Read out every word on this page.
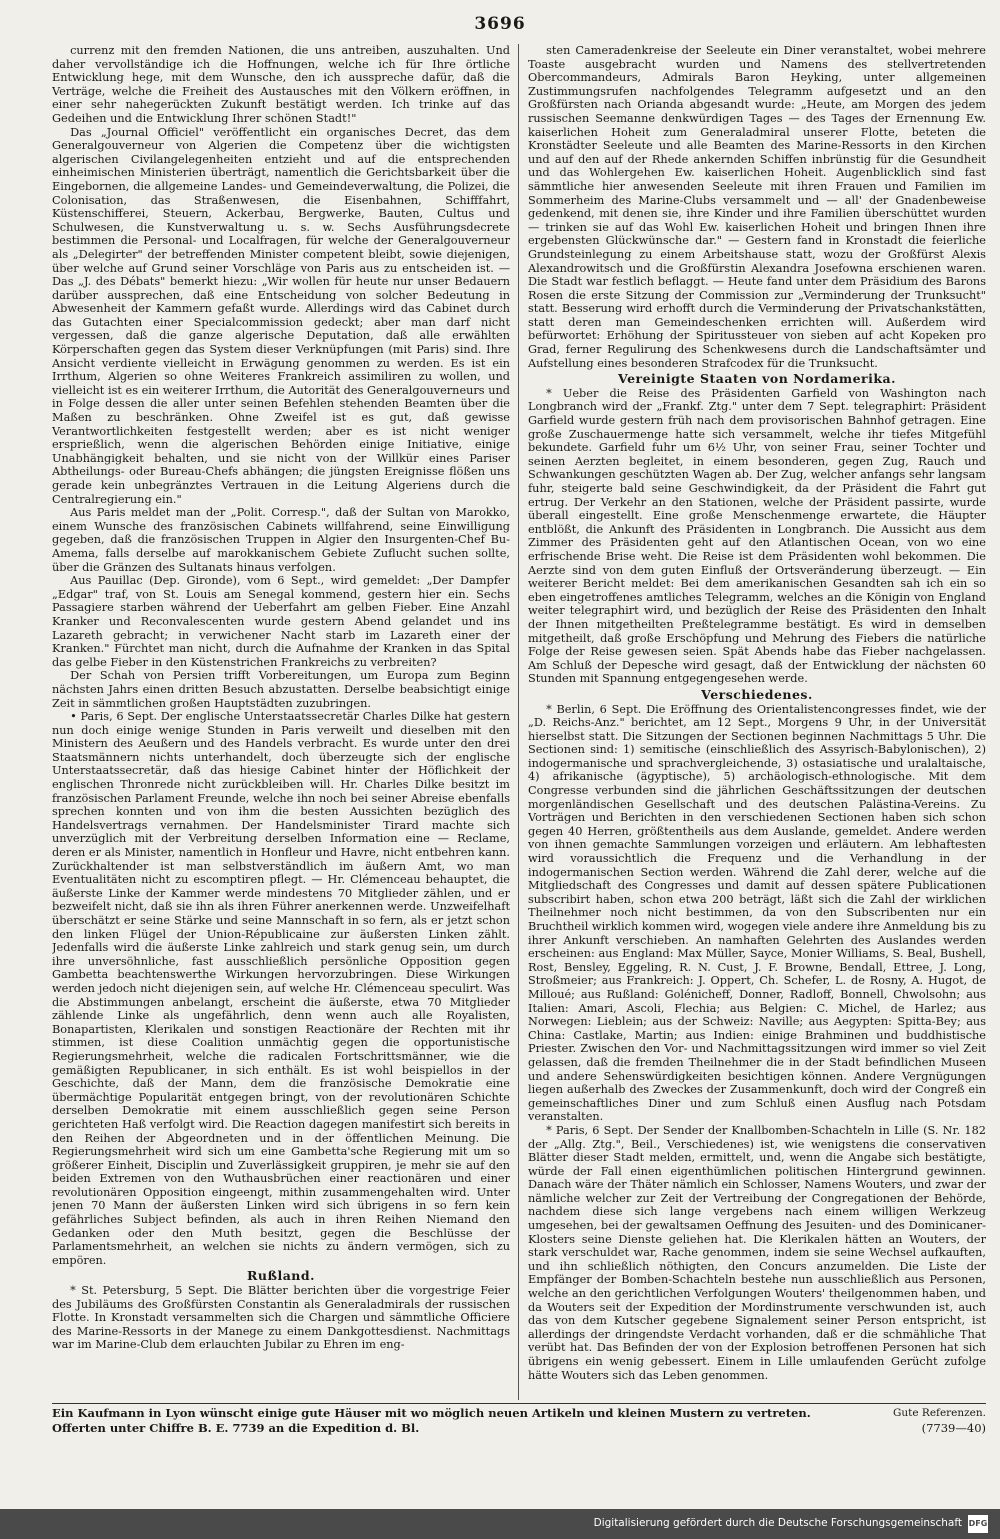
3696

currenz mit den fremden Nationen, die uns antreiben, auszuhalten. Und daher vervollständige ich die Hoffnungen, welche ich für Ihre örtliche Entwicklung hege, mit dem Wunsche, den ich ausspreche dafür, daß die Verträge, welche die Freiheit des Austausches mit den Völkern eröffnen, in einer sehr nahegerückten Zukunft bestätigt werden. Ich trinke auf das Gedeihen und die Entwicklung Ihrer schönen Stadt!"

Das „Journal Officiel" veröffentlicht ein organisches Decret, das dem Generalgouverneur von Algerien die Competenz über die wichtigsten algerischen Civilangelegenheiten entzieht und auf die entsprechenden einheimischen Ministerien überträgt, namentlich die Gerichtsbarkeit über die Eingebornen, die allgemeine Landes- und Gemeindeverwaltung, die Polizei, die Colonisation, das Straßenwesen, die Eisenbahnen, Schifffahrt, Küstenschifferei, Steuern, Ackerbau, Bergwerke, Bauten, Cultus und Schulwesen, die Kunstverwaltung u. s. w. Sechs Ausführungsdecrete bestimmen die Personal- und Localfragen, für welche der Generalgouverneur als „Delegirter" der betreffenden Minister competent bleibt, sowie diejenigen, über welche auf Grund seiner Vorschläge von Paris aus zu entscheiden ist. — Das „J. des Débats" bemerkt hiezu: „Wir wollen für heute nur unser Bedauern darüber aussprechen, daß eine Entscheidung von solcher Bedeutung in Abwesenheit der Kammern gefaßt wurde. Allerdings wird das Cabinet durch das Gutachten einer Specialcommission gedeckt; aber man darf nicht vergessen, daß die ganze algerische Deputation, daß alle erwählten Körperschaften gegen das System dieser Verknüpfungen (mit Paris) sind. Ihre Ansicht verdiente vielleicht in Erwägung genommen zu werden. Es ist ein Irrthum, Algerien so ohne Weiteres Frankreich assimiliren zu wollen, und vielleicht ist es ein weiterer Irrthum, die Autorität des Generalgouverneurs und in Folge dessen die aller unter seinen Befehlen stehenden Beamten über die Maßen zu beschränken. Ohne Zweifel ist es gut, daß gewisse Verantwortlichkeiten festgestellt werden; aber es ist nicht weniger ersprießlich, wenn die algerischen Behörden einige Initiative, einige Unabhängigkeit behalten, und sie nicht von der Willkür eines Pariser Abtheilungs- oder Bureau-Chefs abhängen; die jüngsten Ereignisse flößen uns gerade kein unbegränztes Vertrauen in die Leitung Algeriens durch die Centralregierung ein."

Aus Paris meldet man der „Polit. Corresp.", daß der Sultan von Marokko, einem Wunsche des französischen Cabinets willfahrend, seine Einwilligung gegeben, daß die französischen Truppen in Algier den Insurgenten-Chef Bu-Amema, falls derselbe auf marokkanischem Gebiete Zuflucht suchen sollte, über die Gränzen des Sultanats hinaus verfolgen.

Aus Pauillac (Dep. Gironde), vom 6 Sept., wird gemeldet: „Der Dampfer „Edgar" traf, von St. Louis am Senegal kommend, gestern hier ein. Sechs Passagiere starben während der Ueberfahrt am gelben Fieber. Eine Anzahl Kranker und Reconvalescenten wurde gestern Abend gelandet und ins Lazareth gebracht; in verwichener Nacht starb im Lazareth einer der Kranken." Fürchtet man nicht, durch die Aufnahme der Kranken in das Spital das gelbe Fieber in den Küstenstrichen Frankreichs zu verbreiten?

Der Schah von Persien trifft Vorbereitungen, um Europa zum Beginn nächsten Jahrs einen dritten Besuch abzustatten. Derselbe beabsichtigt einige Zeit in sämmtlichen großen Hauptstädten zuzubringen.

• Paris, 6 Sept. Der englische Unterstaatssecretär Charles Dilke hat gestern nun doch einige wenige Stunden in Paris verweilt und dieselben mit den Ministern des Aeußern und des Handels verbracht. Es wurde unter den drei Staatsmännern nichts unterhandelt, doch überzeugte sich der englische Unterstaatssecretär, daß das hiesige Cabinet hinter der Höflichkeit der englischen Thronrede nicht zurückbleiben will. Hr. Charles Dilke besitzt im französischen Parlament Freunde, welche ihn noch bei seiner Abreise ebenfalls sprechen konnten und von ihm die besten Aussichten bezüglich des Handelsvertrags vernahmen. Der Handelsminister Tirard machte sich unverzüglich mit der Verbreitung derselben Information eine — Reclame, deren er als Minister, namentlich in Honfleur und Havre, nicht entbehren kann. Zurückhaltender ist man selbstverständlich im äußern Amt, wo man Eventualitäten nicht zu escomptiren pflegt. — Hr. Clémenceau behauptet, die äußerste Linke der Kammer werde mindestens 70 Mitglieder zählen, und er bezweifelt nicht, daß sie ihn als ihren Führer anerkennen werde. Unzweifelhaft überschätzt er seine Stärke und seine Mannschaft in so fern, als er jetzt schon den linken Flügel der Union-Républicaine zur äußersten Linken zählt. Jedenfalls wird die äußerste Linke zahlreich und stark genug sein, um durch ihre unversöhnliche, fast ausschließlich persönliche Opposition gegen Gambetta beachtenswerthe Wirkungen hervorzubringen. Diese Wirkungen werden jedoch nicht diejenigen sein, auf welche Hr. Clémenceau speculirt. Was die Abstimmungen anbelangt, erscheint die äußerste, etwa 70 Mitglieder zählende Linke als ungefährlich, denn wenn auch alle Royalisten, Bonapartisten, Klerikalen und sonstigen Reactionäre der Rechten mit ihr stimmen, ist diese Coalition unmächtig gegen die opportunistische Regierungsmehrheit, welche die radicalen Fortschrittsmänner, wie die gemäßigten Republicaner, in sich enthält. Es ist wohl beispiellos in der Geschichte, daß der Mann, dem die französische Demokratie eine übermächtige Popularität entgegen bringt, von der revolutionären Schichte derselben Demokratie mit einem ausschließlich gegen seine Person gerichteten Haß verfolgt wird. Die Reaction dagegen manifestirt sich bereits in den Reihen der Abgeordneten und in der öffentlichen Meinung. Die Regierungsmehrheit wird sich um eine Gambetta'sche Regierung mit um so größerer Einheit, Disciplin und Zuverlässigkeit gruppiren, je mehr sie auf den beiden Extremen von den Wuthausbrüchen einer reactionären und einer revolutionären Opposition eingeengt, mithin zusammengehalten wird. Unter jenen 70 Mann der äußersten Linken wird sich übrigens in so fern kein gefährliches Subject befinden, als auch in ihren Reihen Niemand den Gedanken oder den Muth besitzt, gegen die Beschlüsse der Parlamentsmehrheit, an welchen sie nichts zu ändern vermögen, sich zu empören.

Rußland.

* St. Petersburg, 5 Sept. Die Blätter berichten über die vorgestrige Feier des Jubiläums des Großfürsten Constantin als Generaladmirals der russischen Flotte. In Kronstadt versammelten sich die Chargen und sämmtliche Officiere des Marine-Ressorts in der Manege zu einem Dankgottesdienst. Nachmittags war im Marine-Club dem erlauchten Jubilar zu Ehren im eng-

sten Cameradenkreise der Seeleute ein Diner veranstaltet, wobei mehrere Toaste ausgebracht wurden und Namens des stellvertretenden Obercommandeurs, Admirals Baron Heyking, unter allgemeinen Zustimmungsrufen nachfolgendes Telegramm aufgesetzt und an den Großfürsten nach Orianda abgesandt wurde: „Heute, am Morgen des jedem russischen Seemanne denkwürdigen Tages — des Tages der Ernennung Ew. kaiserlichen Hoheit zum Generaladmiral unserer Flotte, beteten die Kronstädter Seeleute und alle Beamten des Marine-Ressorts in den Kirchen und auf den auf der Rhede ankernden Schiffen inbrünstig für die Gesundheit und das Wohlergehen Ew. kaiserlichen Hoheit. Augenblicklich sind fast sämmtliche hier anwesenden Seeleute mit ihren Frauen und Familien im Sommerheim des Marine-Clubs versammelt und — all' der Gnadenbeweise gedenkend, mit denen sie, ihre Kinder und ihre Familien überschüttet wurden — trinken sie auf das Wohl Ew. kaiserlichen Hoheit und bringen Ihnen ihre ergebensten Glückwünsche dar." — Gestern fand in Kronstadt die feierliche Grundsteinlegung zu einem Arbeitshause statt, wozu der Großfürst Alexis Alexandrowitsch und die Großfürstin Alexandra Josefowna erschienen waren. Die Stadt war festlich beflaggt. — Heute fand unter dem Präsidium des Barons Rosen die erste Sitzung der Commission zur „Verminderung der Trunksucht" statt. Besserung wird erhofft durch die Verminderung der Privatschankstätten, statt deren man Gemeindeschenken errichten will. Außerdem wird befürwortet: Erhöhung der Spiritussteuer von sieben auf acht Kopeken pro Grad, ferner Regulirung des Schenkwesens durch die Landschaftsämter und Aufstellung eines besonderen Strafcodex für die Trunksucht.

Vereinigte Staaten von Nordamerika.

* Ueber die Reise des Präsidenten Garfield von Washington nach Longbranch wird der „Frankf. Ztg." unter dem 7 Sept. telegraphirt: Präsident Garfield wurde gestern früh nach dem provisorischen Bahnhof getragen. Eine große Zuschauermenge hatte sich versammelt, welche ihr tiefes Mitgefühl bekundete. Garfield fuhr um 6½ Uhr, von seiner Frau, seiner Tochter und seinen Aerzten begleitet, in einem besonderen, gegen Zug, Rauch und Schwankungen geschützten Wagen ab. Der Zug, welcher anfangs sehr langsam fuhr, steigerte bald seine Geschwindigkeit, da der Präsident die Fahrt gut ertrug. Der Verkehr an den Stationen, welche der Präsident passirte, wurde überall eingestellt. Eine große Menschenmenge erwartete, die Häupter entblößt, die Ankunft des Präsidenten in Longbranch. Die Aussicht aus dem Zimmer des Präsidenten geht auf den Atlantischen Ocean, von wo eine erfrischende Brise weht. Die Reise ist dem Präsidenten wohl bekommen. Die Aerzte sind von dem guten Einfluß der Ortsveränderung überzeugt. — Ein weiterer Bericht meldet: Bei dem amerikanischen Gesandten sah ich ein so eben eingetroffenes amtliches Telegramm, welches an die Königin von England weiter telegraphirt wird, und bezüglich der Reise des Präsidenten den Inhalt der Ihnen mitgetheilten Preßtelegramme bestätigt. Es wird in demselben mitgetheilt, daß große Erschöpfung und Mehrung des Fiebers die natürliche Folge der Reise gewesen seien. Spät Abends habe das Fieber nachgelassen. Am Schluß der Depesche wird gesagt, daß der Entwicklung der nächsten 60 Stunden mit Spannung entgegengesehen werde.

Verschiedenes.

* Berlin, 6 Sept. Die Eröffnung des Orientalistencongresses findet, wie der „D. Reichs-Anz." berichtet, am 12 Sept., Morgens 9 Uhr, in der Universität hierselbst statt. Die Sitzungen der Sectionen beginnen Nachmittags 5 Uhr. Die Sectionen sind: 1) semitische (einschließlich des Assyrisch-Babylonischen), 2) indogermanische und sprachvergleichende, 3) ostasiatische und uralaltaische, 4) afrikanische (ägyptische), 5) archäologisch-ethnologische. Mit dem Congresse verbunden sind die jährlichen Geschäftssitzungen der deutschen morgenländischen Gesellschaft und des deutschen Palästina-Vereins. Zu Vorträgen und Berichten in den verschiedenen Sectionen haben sich schon gegen 40 Herren, größtentheils aus dem Auslande, gemeldet. Andere werden von ihnen gemachte Sammlungen vorzeigen und erläutern. Am lebhaftesten wird voraussichtlich die Frequenz und die Verhandlung in der indogermanischen Section werden. Während die Zahl derer, welche auf die Mitgliedschaft des Congresses und damit auf dessen spätere Publicationen subscribirt haben, schon etwa 200 beträgt, läßt sich die Zahl der wirklichen Theilnehmer noch nicht bestimmen, da von den Subscribenten nur ein Bruchtheil wirklich kommen wird, wogegen viele andere ihre Anmeldung bis zu ihrer Ankunft verschieben. An namhaften Gelehrten des Auslandes werden erscheinen: aus England: Max Müller, Sayce, Monier Williams, S. Beal, Bushell, Rost, Bensley, Eggeling, R. N. Cust, J. F. Browne, Bendall, Ettree, J. Long, Stroßmeier; aus Frankreich: J. Oppert, Ch. Schefer, L. de Rosny, A. Hugot, de Milloué; aus Rußland: Golénicheff, Donner, Radloff, Bonnell, Chwolsohn; aus Italien: Amari, Ascoli, Flechia; aus Belgien: C. Michel, de Harlez; aus Norwegen: Lieblein; aus der Schweiz: Naville; aus Aegypten: Spitta-Bey; aus China: Castlake, Martin; aus Indien: einige Brahminen und buddhistische Priester. Zwischen den Vor- und Nachmittagssitzungen wird immer so viel Zeit gelassen, daß die fremden Theilnehmer die in der Stadt befindlichen Museen und andere Sehenswürdigkeiten besichtigen können. Andere Vergnügungen liegen außerhalb des Zweckes der Zusammenkunft, doch wird der Congreß ein gemeinschaftliches Diner und zum Schluß einen Ausflug nach Potsdam veranstalten.

* Paris, 6 Sept. Der Sender der Knallbomben-Schachteln in Lille (S. Nr. 182 der „Allg. Ztg.", Beil., Verschiedenes) ist, wie wenigstens die conservativen Blätter dieser Stadt melden, ermittelt, und, wenn die Angabe sich bestätigte, würde der Fall einen eigenthümlichen politischen Hintergrund gewinnen. Danach wäre der Thäter nämlich ein Schlosser, Namens Wouters, und zwar der nämliche welcher zur Zeit der Vertreibung der Congregationen der Behörde, nachdem diese sich lange vergebens nach einem willigen Werkzeug umgesehen, bei der gewaltsamen Oeffnung des Jesuiten- und des Dominicaner-Klosters seine Dienste geliehen hat. Die Klerikalen hätten an Wouters, der stark verschuldet war, Rache genommen, indem sie seine Wechsel aufkauften, und ihn schließlich nöthigten, den Concurs anzumelden. Die Liste der Empfänger der Bomben-Schachteln bestehe nun ausschließlich aus Personen, welche an den gerichtlichen Verfolgungen Wouters' theilgenommen haben, und da Wouters seit der Expedition der Mordinstrumente verschwunden ist, auch das von dem Kutscher gegebene Signalement seiner Person entspricht, ist allerdings der dringendste Verdacht vorhanden, daß er die schmähliche That verübt hat. Das Befinden der von der Explosion betroffenen Personen hat sich übrigens ein wenig gebessert. Einem in Lille umlaufenden Gerücht zufolge hätte Wouters sich das Leben genommen.

Ein Kaufmann in Lyon wünscht einige gute Häuser mit wo möglich neuen Artikeln und kleinen Mustern zu vertreten.
Offerten unter Chiffre B. E. 7739 an die Expedition d. Bl.
Gute Referenzen.
(7739—40)
Digitalisierung gefördert durch die Deutsche Forschungsgemeinschaft DFG
